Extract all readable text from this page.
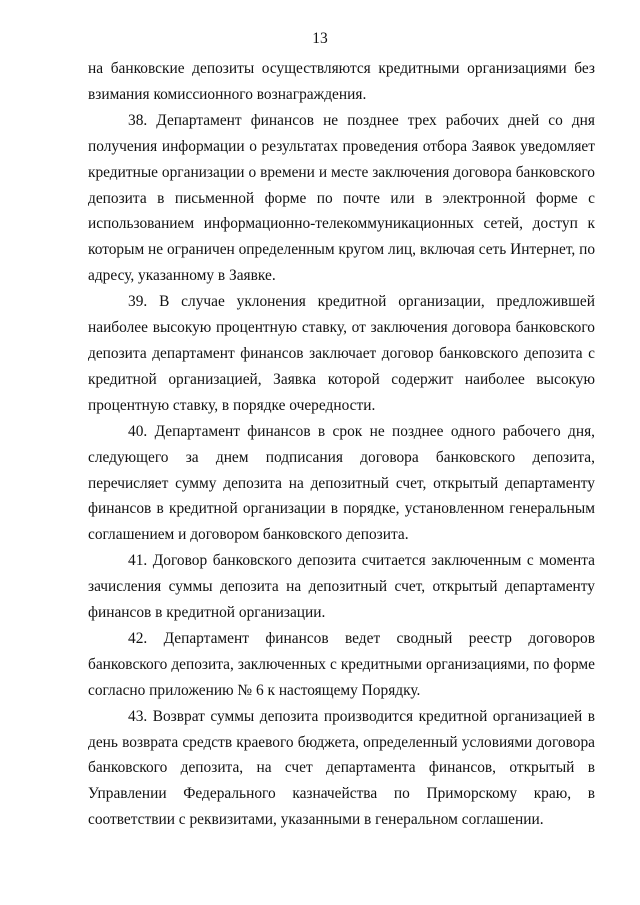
13

на банковские депозиты осуществляются кредитными организациями без взимания комиссионного вознаграждения.

38. Департамент финансов не позднее трех рабочих дней со дня получения информации о результатах проведения отбора Заявок уведомляет кредитные организации о времени и месте заключения договора банковского депозита в письменной форме по почте или в электронной форме с использованием информационно-телекоммуникационных сетей, доступ к которым не ограничен определенным кругом лиц, включая сеть Интернет, по адресу, указанному в Заявке.

39. В случае уклонения кредитной организации, предложившей наиболее высокую процентную ставку, от заключения договора банковского депозита департамент финансов заключает договор банковского депозита с кредитной организацией, Заявка которой содержит наиболее высокую процентную ставку, в порядке очередности.

40. Департамент финансов в срок не позднее одного рабочего дня, следующего за днем подписания договора банковского депозита, перечисляет сумму депозита на депозитный счет, открытый департаменту финансов в кредитной организации в порядке, установленном генеральным соглашением и договором банковского депозита.

41. Договор банковского депозита считается заключенным с момента зачисления суммы депозита на депозитный счет, открытый департаменту финансов в кредитной организации.

42. Департамент финансов ведет сводный реестр договоров банковского депозита, заключенных с кредитными организациями, по форме согласно приложению № 6 к настоящему Порядку.

43. Возврат суммы депозита производится кредитной организацией в день возврата средств краевого бюджета, определенный условиями договора банковского депозита, на счет департамента финансов, открытый в Управлении Федерального казначейства по Приморскому краю, в соответствии с реквизитами, указанными в генеральном соглашении.
